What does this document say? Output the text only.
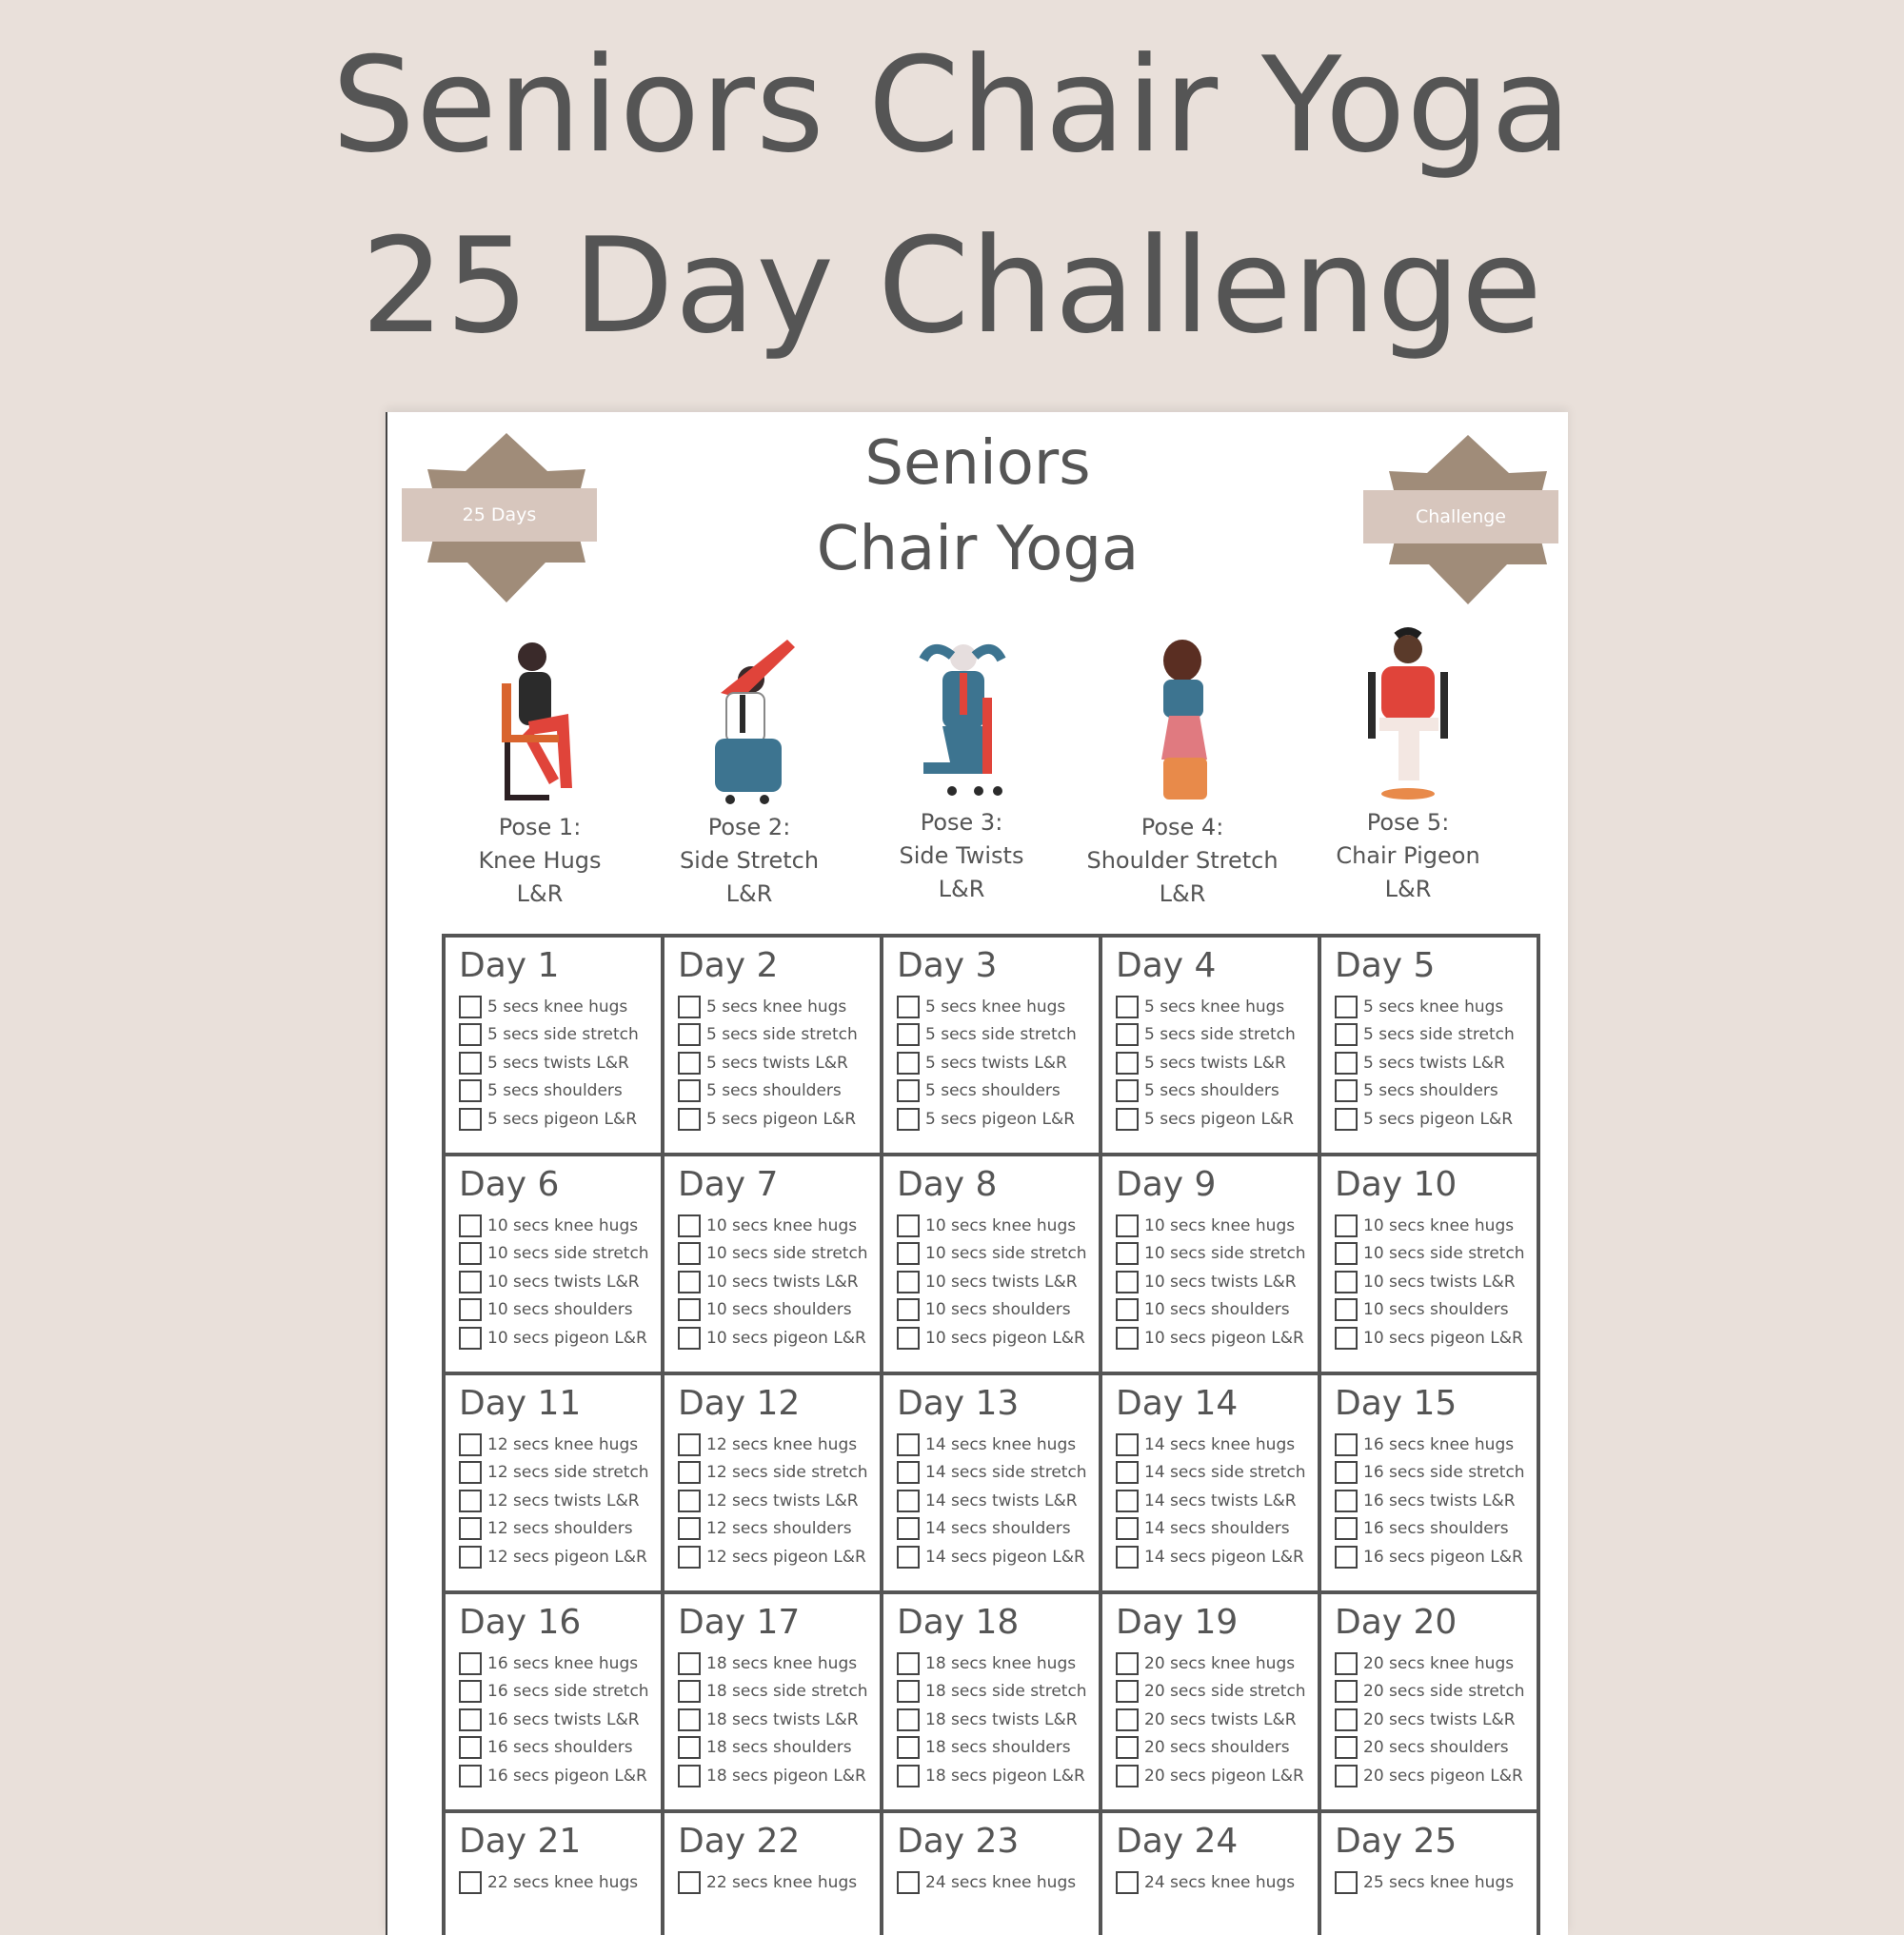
Seniors Chair Yoga
25 Day Challenge
25 Days	Challenge
Seniors
Chair Yoga
Pose 1:
Knee Hugs
L&R
Pose 2:
Side Stretch
L&R
Pose 3:
Side Twists
L&R
Pose 4:
Shoulder Stretch
L&R
Pose 5:
Chair Pigeon
L&R
Day 1
5 secs knee hugs
5 secs side stretch
5 secs twists L&R
5 secs shoulders
5 secs pigeon L&R
Day 2
5 secs knee hugs
5 secs side stretch
5 secs twists L&R
5 secs shoulders
5 secs pigeon L&R
Day 3
5 secs knee hugs
5 secs side stretch
5 secs twists L&R
5 secs shoulders
5 secs pigeon L&R
Day 4
5 secs knee hugs
5 secs side stretch
5 secs twists L&R
5 secs shoulders
5 secs pigeon L&R
Day 5
5 secs knee hugs
5 secs side stretch
5 secs twists L&R
5 secs shoulders
5 secs pigeon L&R
Day 6
10 secs knee hugs
10 secs side stretch
10 secs twists L&R
10 secs shoulders
10 secs pigeon L&R
Day 7
10 secs knee hugs
10 secs side stretch
10 secs twists L&R
10 secs shoulders
10 secs pigeon L&R
Day 8
10 secs knee hugs
10 secs side stretch
10 secs twists L&R
10 secs shoulders
10 secs pigeon L&R
Day 9
10 secs knee hugs
10 secs side stretch
10 secs twists L&R
10 secs shoulders
10 secs pigeon L&R
Day 10
10 secs knee hugs
10 secs side stretch
10 secs twists L&R
10 secs shoulders
10 secs pigeon L&R
Day 11
12 secs knee hugs
12 secs side stretch
12 secs twists L&R
12 secs shoulders
12 secs pigeon L&R
Day 12
12 secs knee hugs
12 secs side stretch
12 secs twists L&R
12 secs shoulders
12 secs pigeon L&R
Day 13
14 secs knee hugs
14 secs side stretch
14 secs twists L&R
14 secs shoulders
14 secs pigeon L&R
Day 14
14 secs knee hugs
14 secs side stretch
14 secs twists L&R
14 secs shoulders
14 secs pigeon L&R
Day 15
16 secs knee hugs
16 secs side stretch
16 secs twists L&R
16 secs shoulders
16 secs pigeon L&R
Day 16
16 secs knee hugs
16 secs side stretch
16 secs twists L&R
16 secs shoulders
16 secs pigeon L&R
Day 17
18 secs knee hugs
18 secs side stretch
18 secs twists L&R
18 secs shoulders
18 secs pigeon L&R
Day 18
18 secs knee hugs
18 secs side stretch
18 secs twists L&R
18 secs shoulders
18 secs pigeon L&R
Day 19
20 secs knee hugs
20 secs side stretch
20 secs twists L&R
20 secs shoulders
20 secs pigeon L&R
Day 20
20 secs knee hugs
20 secs side stretch
20 secs twists L&R
20 secs shoulders
20 secs pigeon L&R
Day 21
22 secs knee hugs
Day 22
22 secs knee hugs
Day 23
24 secs knee hugs
Day 24
24 secs knee hugs
Day 25
25 secs knee hugs
